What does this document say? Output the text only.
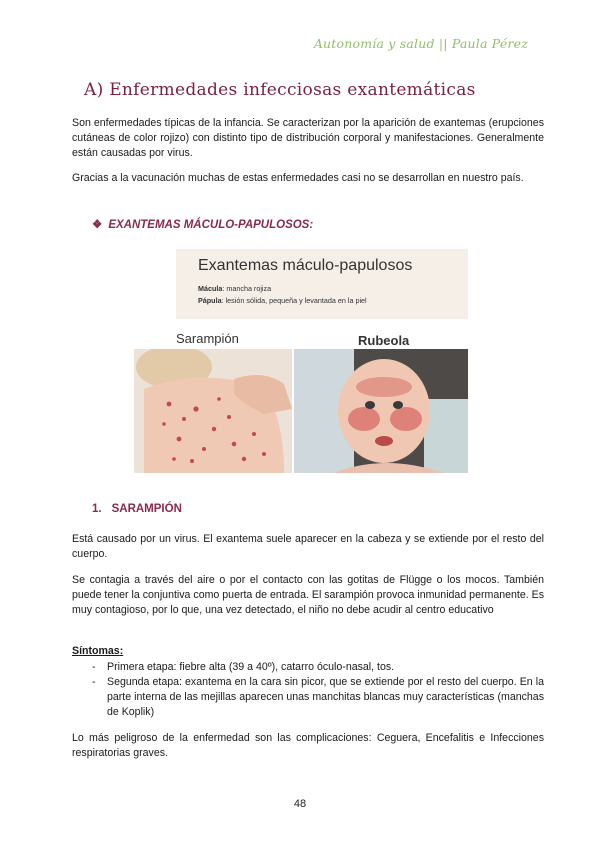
Autonomía y salud || Paula Pérez
A) Enfermedades infecciosas exantemáticas

Son enfermedades típicas de la infancia. Se caracterizan por la aparición de exantemas (erupciones cutáneas de color rojizo) con distinto tipo de distribución corporal y manifestaciones. Generalmente están causadas por virus.

Gracias a la vacunación muchas de estas enfermedades casi no se desarrollan en nuestro país.

❖ EXANTEMAS MÁCULO-PAPULOSOS:
Exantemas máculo-papulosos
Mácula: mancha rojiza
Pápula: lesión sólida, pequeña y levantada en la piel
Sarampión	Rubeola
1. SARAMPIÓN

Está causado por un virus. El exantema suele aparecer en la cabeza y se extiende por el resto del cuerpo.

Se contagia a través del aire o por el contacto con las gotitas de Flügge o los mocos. También puede tener la conjuntiva como puerta de entrada. El sarampión provoca inmunidad permanente. Es muy contagioso, por lo que, una vez detectado, el niño no debe acudir al centro educativo

Síntomas:
- Primera etapa: fiebre alta (39 a 40º), catarro óculo-nasal, tos.
- Segunda etapa: exantema en la cara sin picor, que se extiende por el resto del cuerpo. En la parte interna de las mejillas aparecen unas manchitas blancas muy características (manchas de Koplik)

Lo más peligroso de la enfermedad son las complicaciones: Ceguera, Encefalitis e Infecciones respiratorias graves.

48
